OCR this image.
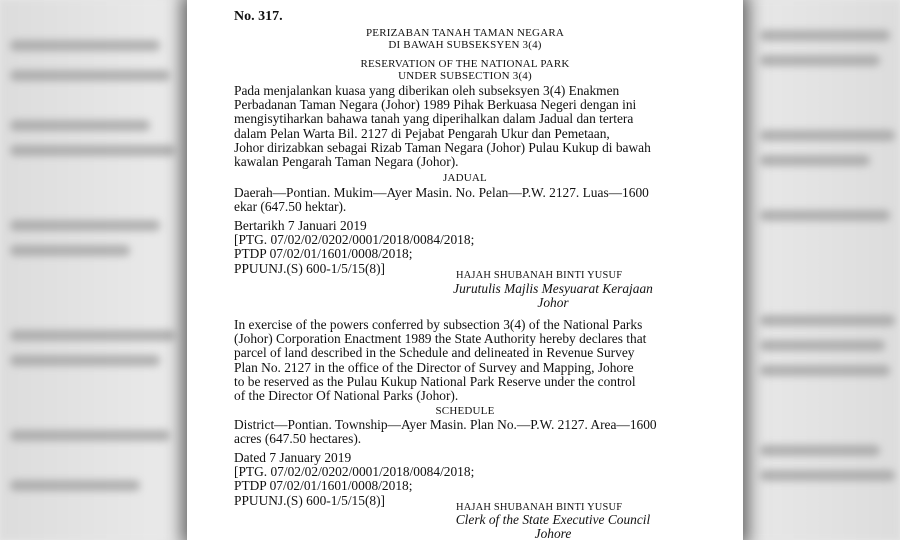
No. 317.
PERIZABAN TANAH TAMAN NEGARA
DI BAWAH SUBSEKSYEN 3(4)
RESERVATION OF THE NATIONAL PARK
UNDER SUBSECTION 3(4)
Pada menjalankan kuasa yang diberikan oleh subseksyen 3(4) Enakmen
Perbadanan Taman Negara (Johor) 1989 Pihak Berkuasa Negeri dengan ini
mengisytiharkan bahawa tanah yang diperihalkan dalam Jadual dan tertera
dalam Pelan Warta Bil. 2127 di Pejabat Pengarah Ukur dan Pemetaan,
Johor dirizabkan sebagai Rizab Taman Negara (Johor) Pulau Kukup di bawah
kawalan Pengarah Taman Negara (Johor).
JADUAL
Daerah—Pontian. Mukim—Ayer Masin. No. Pelan—P.W. 2127. Luas—1600
ekar (647.50 hektar).
Bertarikh 7 Januari 2019
[PTG. 07/02/02/0202/0001/2018/0084/2018;
PTDP 07/02/01/1601/0008/2018;
PPUUNJ.(S) 600-1/5/15(8)]	HAJAH SHUBANAH BINTI YUSUF
Jurutulis Majlis Mesyuarat Kerajaan
Johor
In exercise of the powers conferred by subsection 3(4) of the National Parks
(Johor) Corporation Enactment 1989 the State Authority hereby declares that
parcel of land described in the Schedule and delineated in Revenue Survey
Plan No. 2127 in the office of the Director of Survey and Mapping, Johore
to be reserved as the Pulau Kukup National Park Reserve under the control
of the Director Of National Parks (Johor).
SCHEDULE
District—Pontian. Township—Ayer Masin. Plan No.—P.W. 2127. Area—1600
acres (647.50 hectares).
Dated 7 January 2019
[PTG. 07/02/02/0202/0001/2018/0084/2018;
PTDP 07/02/01/1601/0008/2018;
PPUUNJ.(S) 600-1/5/15(8)]	HAJAH SHUBANAH BINTI YUSUF
Clerk of the State Executive Council
Johore
